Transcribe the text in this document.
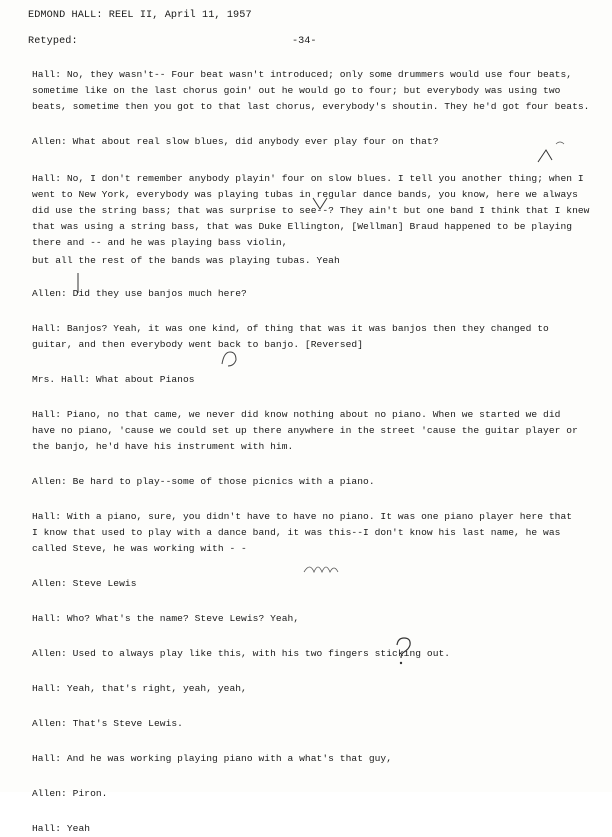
EDMOND HALL: REEL II, April 11, 1957
Retyped:	-34-
Hall: No, they wasn't-- Four beat wasn't introduced; only some drummers would use four beats,
sometime like on the last chorus goin' out he would go to four; but everybody was using two
beats, sometime then you got to that last chorus, everybody's shoutin. They he'd got four beats.
Allen: What about real slow blues, did anybody ever play four on that?
Hall: No, I don't remember anybody playin' four on slow blues. I tell you another thing; when I
went to New York, everybody was playing tubas in regular dance bands, you know, here we always
did use the string bass; that was surprise to see--? They ain't but one band I think that I knew
that was using a string bass, that was Duke Ellington, [Wellman] Braud happened to be playing
there and -- and he was playing bass violin,
but all the rest of the bands was playing tubas. Yeah
Allen: Did they use banjos much here?
Hall: Banjos? Yeah, it was one kind, of thing that was it was banjos then they changed to
guitar, and then everybody went back to banjo. [Reversed]
Mrs. Hall: What about Pianos
Hall: Piano, no that came, we never did know nothing about no piano. When we started we did
have no piano, 'cause we could set up there anywhere in the street 'cause the guitar player or
the banjo, he'd have his instrument with him.
Allen: Be hard to play--some of those picnics with a piano.
Hall: With a piano, sure, you didn't have to have no piano. It was one piano player here that
I know that used to play with a dance band, it was this--I don't know his last name, he was
called Steve, he was working with - -
Allen: Steve Lewis
Hall: Who? What's the name? Steve Lewis? Yeah,
Allen: Used to always play like this, with his two fingers sticking out.
Hall: Yeah, that's right, yeah, yeah,
Allen: That's Steve Lewis.
Hall: And he was working playing piano with a what's that guy,
Allen: Piron.
Hall: Yeah
